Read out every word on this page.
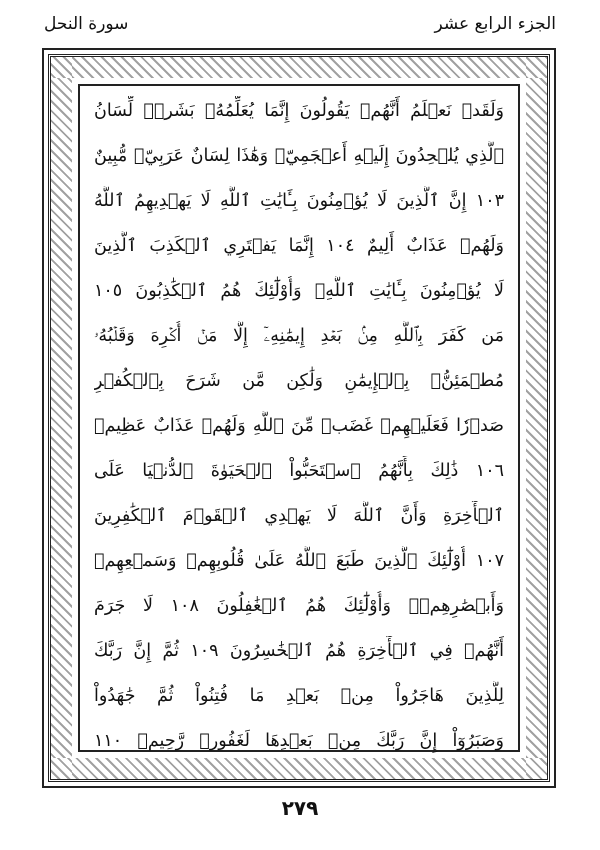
الجزء الرابع عشر
سورة النحل
وَلَقَدۡ نَعۡلَمُ أَنَّهُمۡ يَقُولُونَ إِنَّمَا يُعَلِّمُهُۥ بَشَرٞۗ لِّسَانُ
ٱلَّذِي يُلۡحِدُونَ إِلَيۡهِ أَعۡجَمِيّٞ وَهَٰذَا لِسَانٌ عَرَبِيّٞ مُّبِينٌ
١٠٣ إِنَّ ٱلَّذِينَ لَا يُؤۡمِنُونَ بِـَٔايَٰتِ ٱللَّهِ لَا يَهۡدِيهِمُ ٱللَّهُ
وَلَهُمۡ عَذَابٌ أَلِيمٌ ١٠٤ إِنَّمَا يَفۡتَرِي ٱلۡكَذِبَ ٱلَّذِينَ
لَا يُؤۡمِنُونَ بِـَٔايَٰتِ ٱللَّهِۖ وَأُوْلَٰٓئِكَ هُمُ ٱلۡكَٰذِبُونَ ١٠٥
مَن كَفَرَ بِٱللَّهِ مِنۢ بَعۡدِ إِيمَٰنِهِۦٓ إِلَّا مَنۡ أُكۡرِهَ وَقَلۡبُهُۥ
مُطۡمَئِنُّۢ بِٱلۡإِيمَٰنِ وَلَٰكِن مَّن شَرَحَ بِٱلۡكُفۡرِ
صَدۡرٗا فَعَلَيۡهِمۡ غَضَبٞ مِّنَ ٱللَّهِ وَلَهُمۡ عَذَابٌ عَظِيمٞ
١٠٦ ذَٰلِكَ بِأَنَّهُمُ ٱسۡتَحَبُّواْ ٱلۡحَيَوٰةَ ٱلدُّنۡيَا عَلَى
ٱلۡأٓخِرَةِ وَأَنَّ ٱللَّهَ لَا يَهۡدِي ٱلۡقَوۡمَ ٱلۡكَٰفِرِينَ
١٠٧ أُوْلَٰٓئِكَ ٱلَّذِينَ طَبَعَ ٱللَّهُ عَلَىٰ قُلُوبِهِمۡ وَسَمۡعِهِمۡ
وَأَبۡصَٰرِهِمۡۖ وَأُوْلَٰٓئِكَ هُمُ ٱلۡغَٰفِلُونَ ١٠٨ لَا جَرَمَ
أَنَّهُمۡ فِي ٱلۡأٓخِرَةِ هُمُ ٱلۡخَٰسِرُونَ ١٠٩ ثُمَّ إِنَّ رَبَّكَ
لِلَّذِينَ هَاجَرُواْ مِنۢ بَعۡدِ مَا فُتِنُواْ ثُمَّ جَٰهَدُواْ
وَصَبَرُوٓاْ إِنَّ رَبَّكَ مِنۢ بَعۡدِهَا لَغَفُورٞ رَّحِيمٞ ١١٠
٢٧٩
